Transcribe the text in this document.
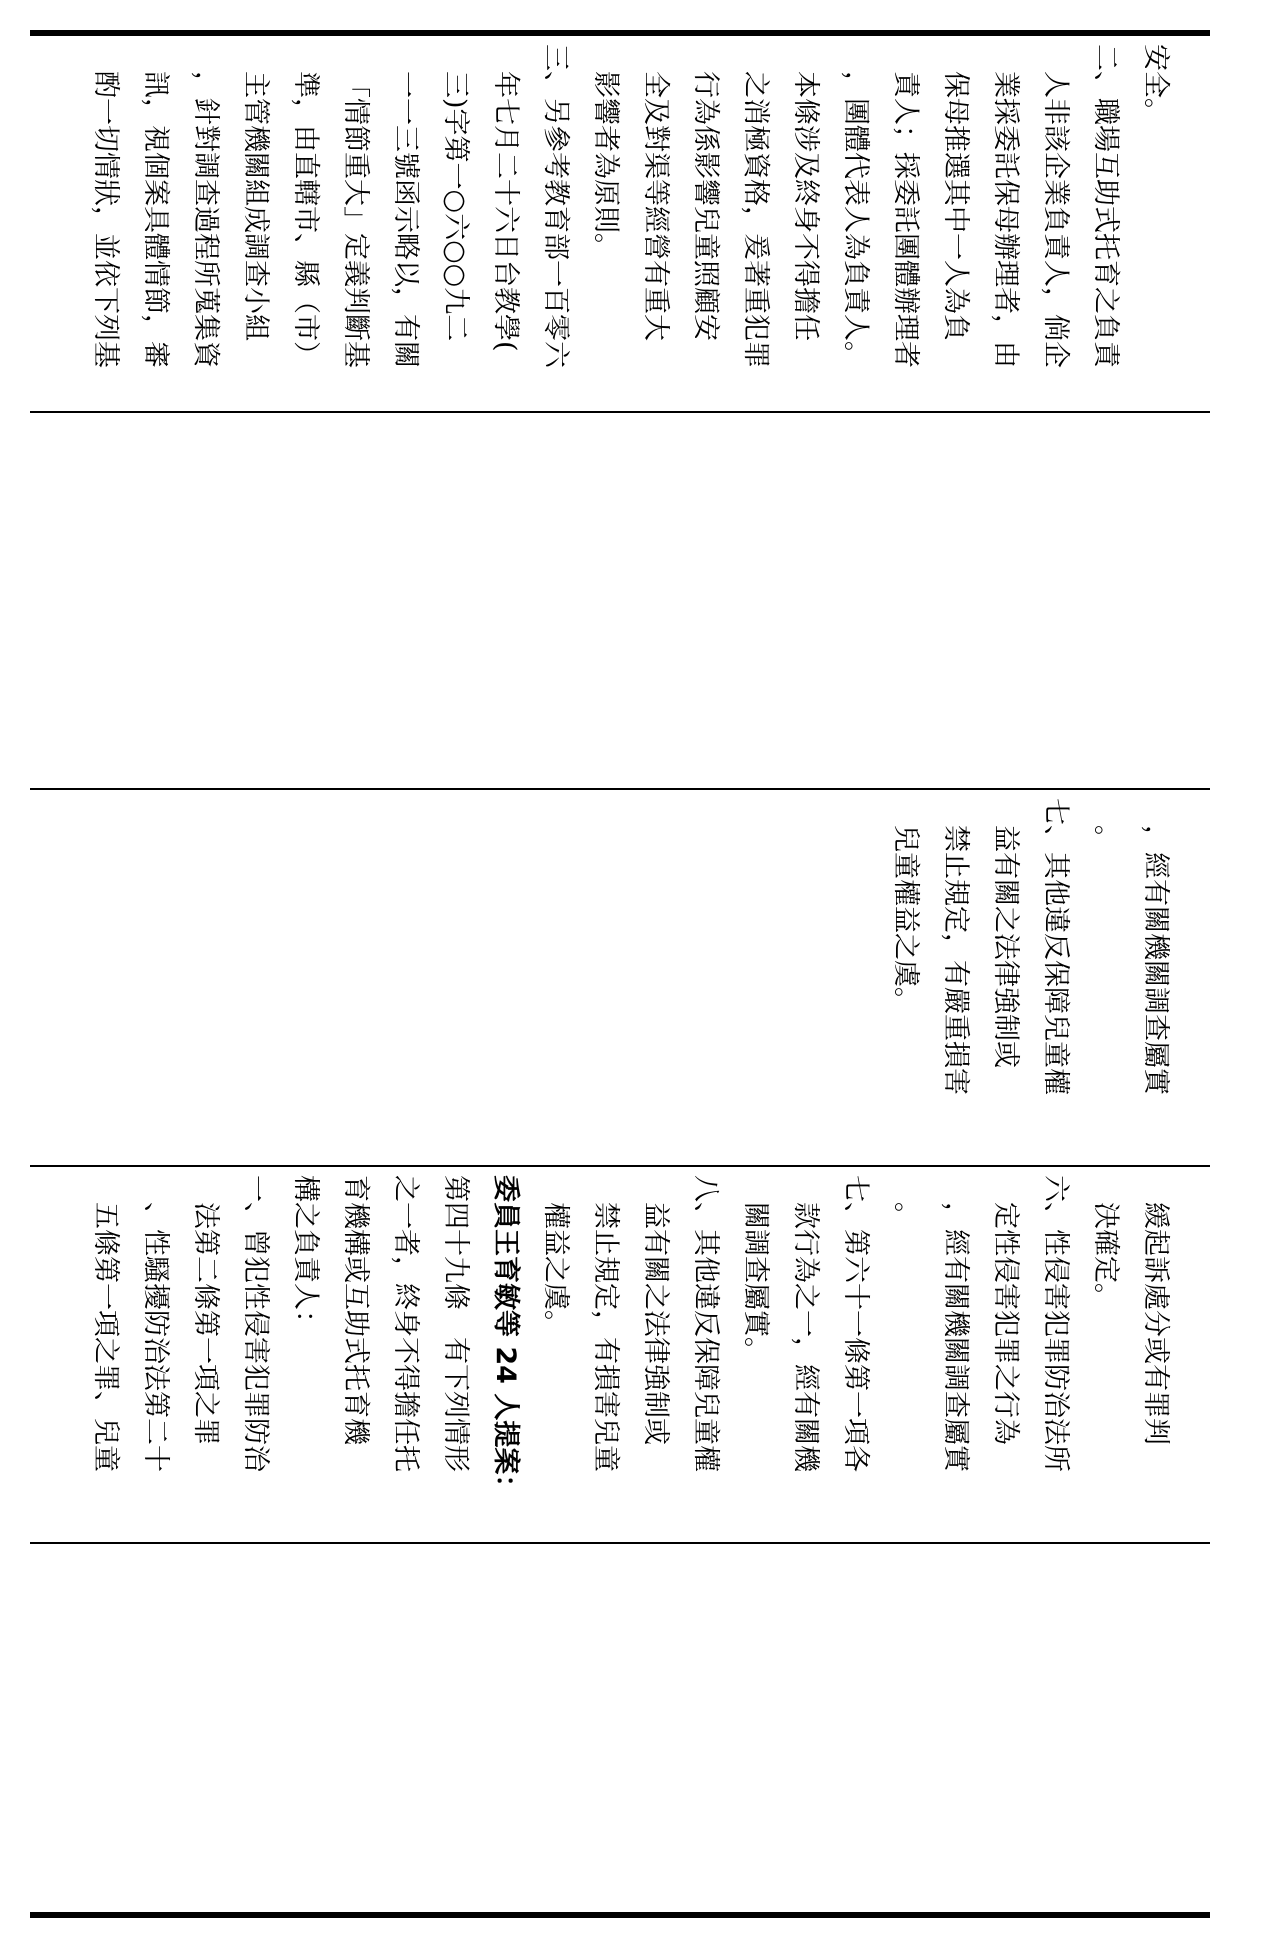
安全。
二、職場互助式托育之負責
人非該企業負責人，倘企
業採委託保母辦理者，由
保母推選其中一人為負
責人；採委託團體辦理者
，團體代表人為負責人。
本條涉及終身不得擔任
之消極資格，爰著重犯罪
行為係影響兒童照顧安
全及對渠等經營有重大
影響者為原則。
三、另參考教育部一百零六
年七月二十六日台教學(
三)字第一○六○○九二
一一三號函示略以，有關
「情節重大」定義判斷基
準，由直轄市、縣（市）
主管機關組成調查小組
，針對調查過程所蒐集資
訊，視個案具體情節，審
酌一切情狀，並依下列基
，經有關機關調查屬實
。
七、其他違反保障兒童權
益有關之法律強制或
禁止規定，有嚴重損害
兒童權益之虞。
緩起訴處分或有罪判
決確定。
六、性侵害犯罪防治法所
定性侵害犯罪之行為
，經有關機關調查屬實
。
七、第六十一條第一項各
款行為之一，經有關機
關調查屬實。
八、其他違反保障兒童權
益有關之法律強制或
禁止規定，有損害兒童
權益之虞。
委員王育敏等 24 人提案：
第四十九條　有下列情形
之一者，終身不得擔任托
育機構或互助式托育機
構之負責人：
一、曾犯性侵害犯罪防治
法第二條第一項之罪
、性騷擾防治法第二十
五條第一項之罪、兒童
